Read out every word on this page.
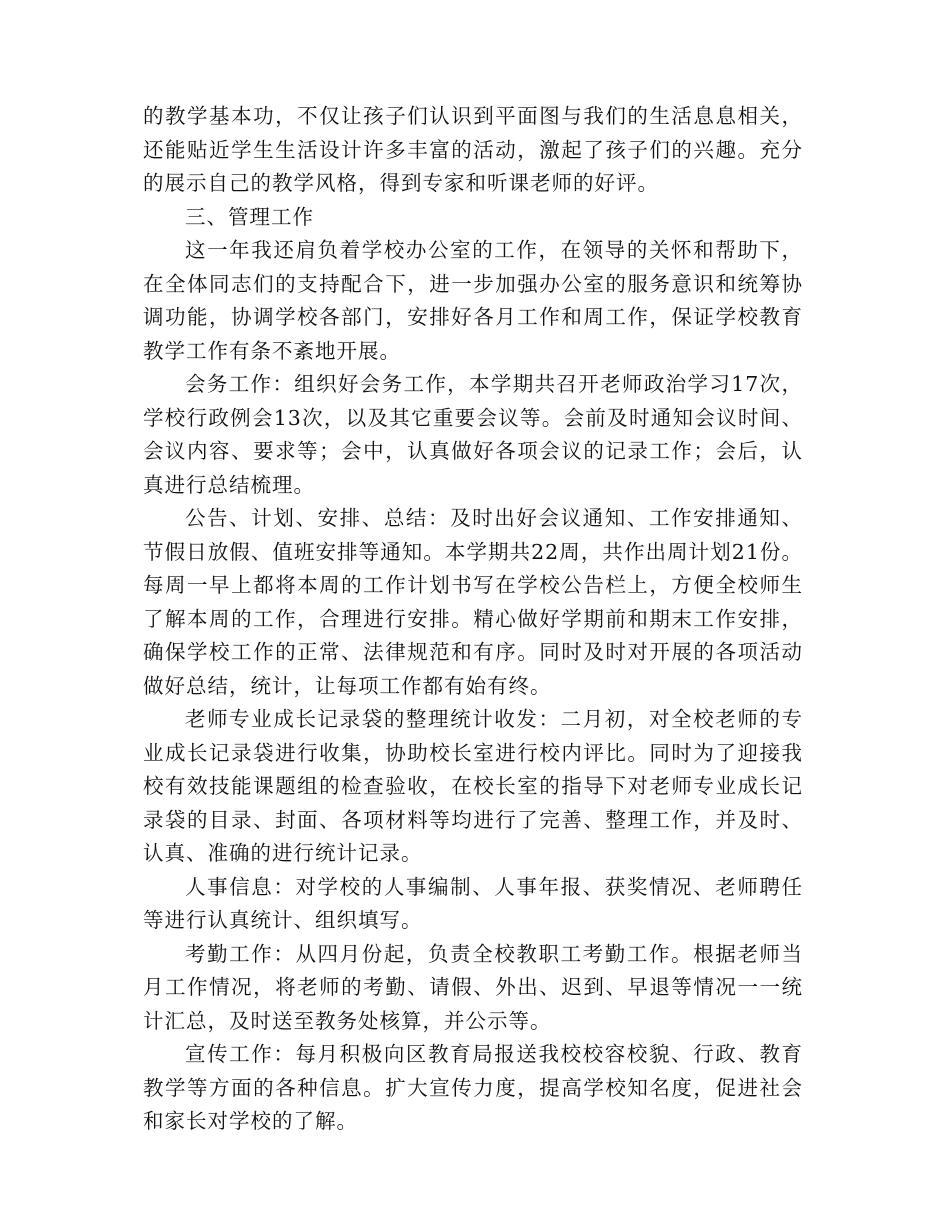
的教学基本功，不仅让孩子们认识到平面图与我们的生活息息相关，还能贴近学生生活设计许多丰富的活动，激起了孩子们的兴趣。充分的展示自己的教学风格，得到专家和听课老师的好评。

三、管理工作

这一年我还肩负着学校办公室的工作，在领导的关怀和帮助下，在全体同志们的支持配合下，进一步加强办公室的服务意识和统筹协调功能，协调学校各部门，安排好各月工作和周工作，保证学校教育教学工作有条不紊地开展。

会务工作：组织好会务工作，本学期共召开老师政治学习17次，学校行政例会13次，以及其它重要会议等。会前及时通知会议时间、会议内容、要求等；会中，认真做好各项会议的记录工作；会后，认真进行总结梳理。

公告、计划、安排、总结：及时出好会议通知、工作安排通知、节假日放假、值班安排等通知。本学期共22周，共作出周计划21份。每周一早上都将本周的工作计划书写在学校公告栏上，方便全校师生了解本周的工作，合理进行安排。精心做好学期前和期末工作安排，确保学校工作的正常、法律规范和有序。同时及时对开展的各项活动做好总结，统计，让每项工作都有始有终。

老师专业成长记录袋的整理统计收发：二月初，对全校老师的专业成长记录袋进行收集，协助校长室进行校内评比。同时为了迎接我校有效技能课题组的检查验收，在校长室的指导下对老师专业成长记录袋的目录、封面、各项材料等均进行了完善、整理工作，并及时、认真、准确的进行统计记录。

人事信息：对学校的人事编制、人事年报、获奖情况、老师聘任等进行认真统计、组织填写。

考勤工作：从四月份起，负责全校教职工考勤工作。根据老师当月工作情况，将老师的考勤、请假、外出、迟到、早退等情况一一统计汇总，及时送至教务处核算，并公示等。

宣传工作：每月积极向区教育局报送我校校容校貌、行政、教育教学等方面的各种信息。扩大宣传力度，提高学校知名度，促进社会和家长对学校的了解。
